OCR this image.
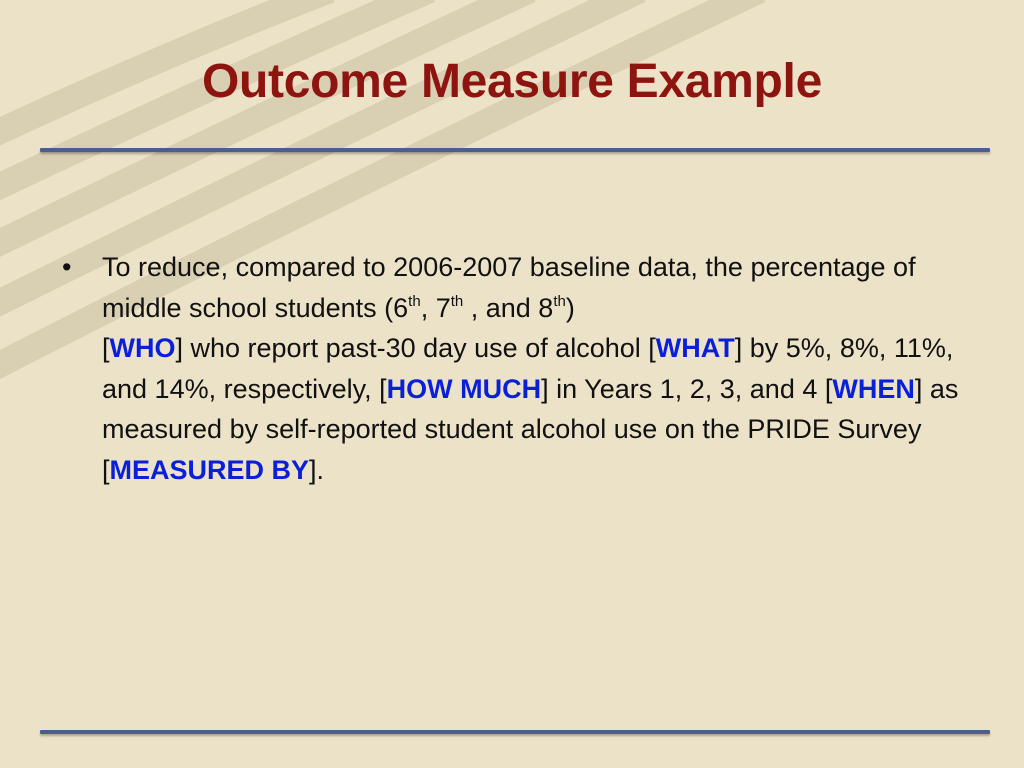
Outcome Measure Example
• To reduce, compared to 2006-2007 baseline data, the percentage of middle school students (6th, 7th , and 8th)
[WHO] who report past-30 day use of alcohol [WHAT] by 5%, 8%, 11%, and 14%, respectively, [HOW MUCH] in Years 1, 2, 3, and 4 [WHEN] as measured by self-reported student alcohol use on the PRIDE Survey
[MEASURED BY].
